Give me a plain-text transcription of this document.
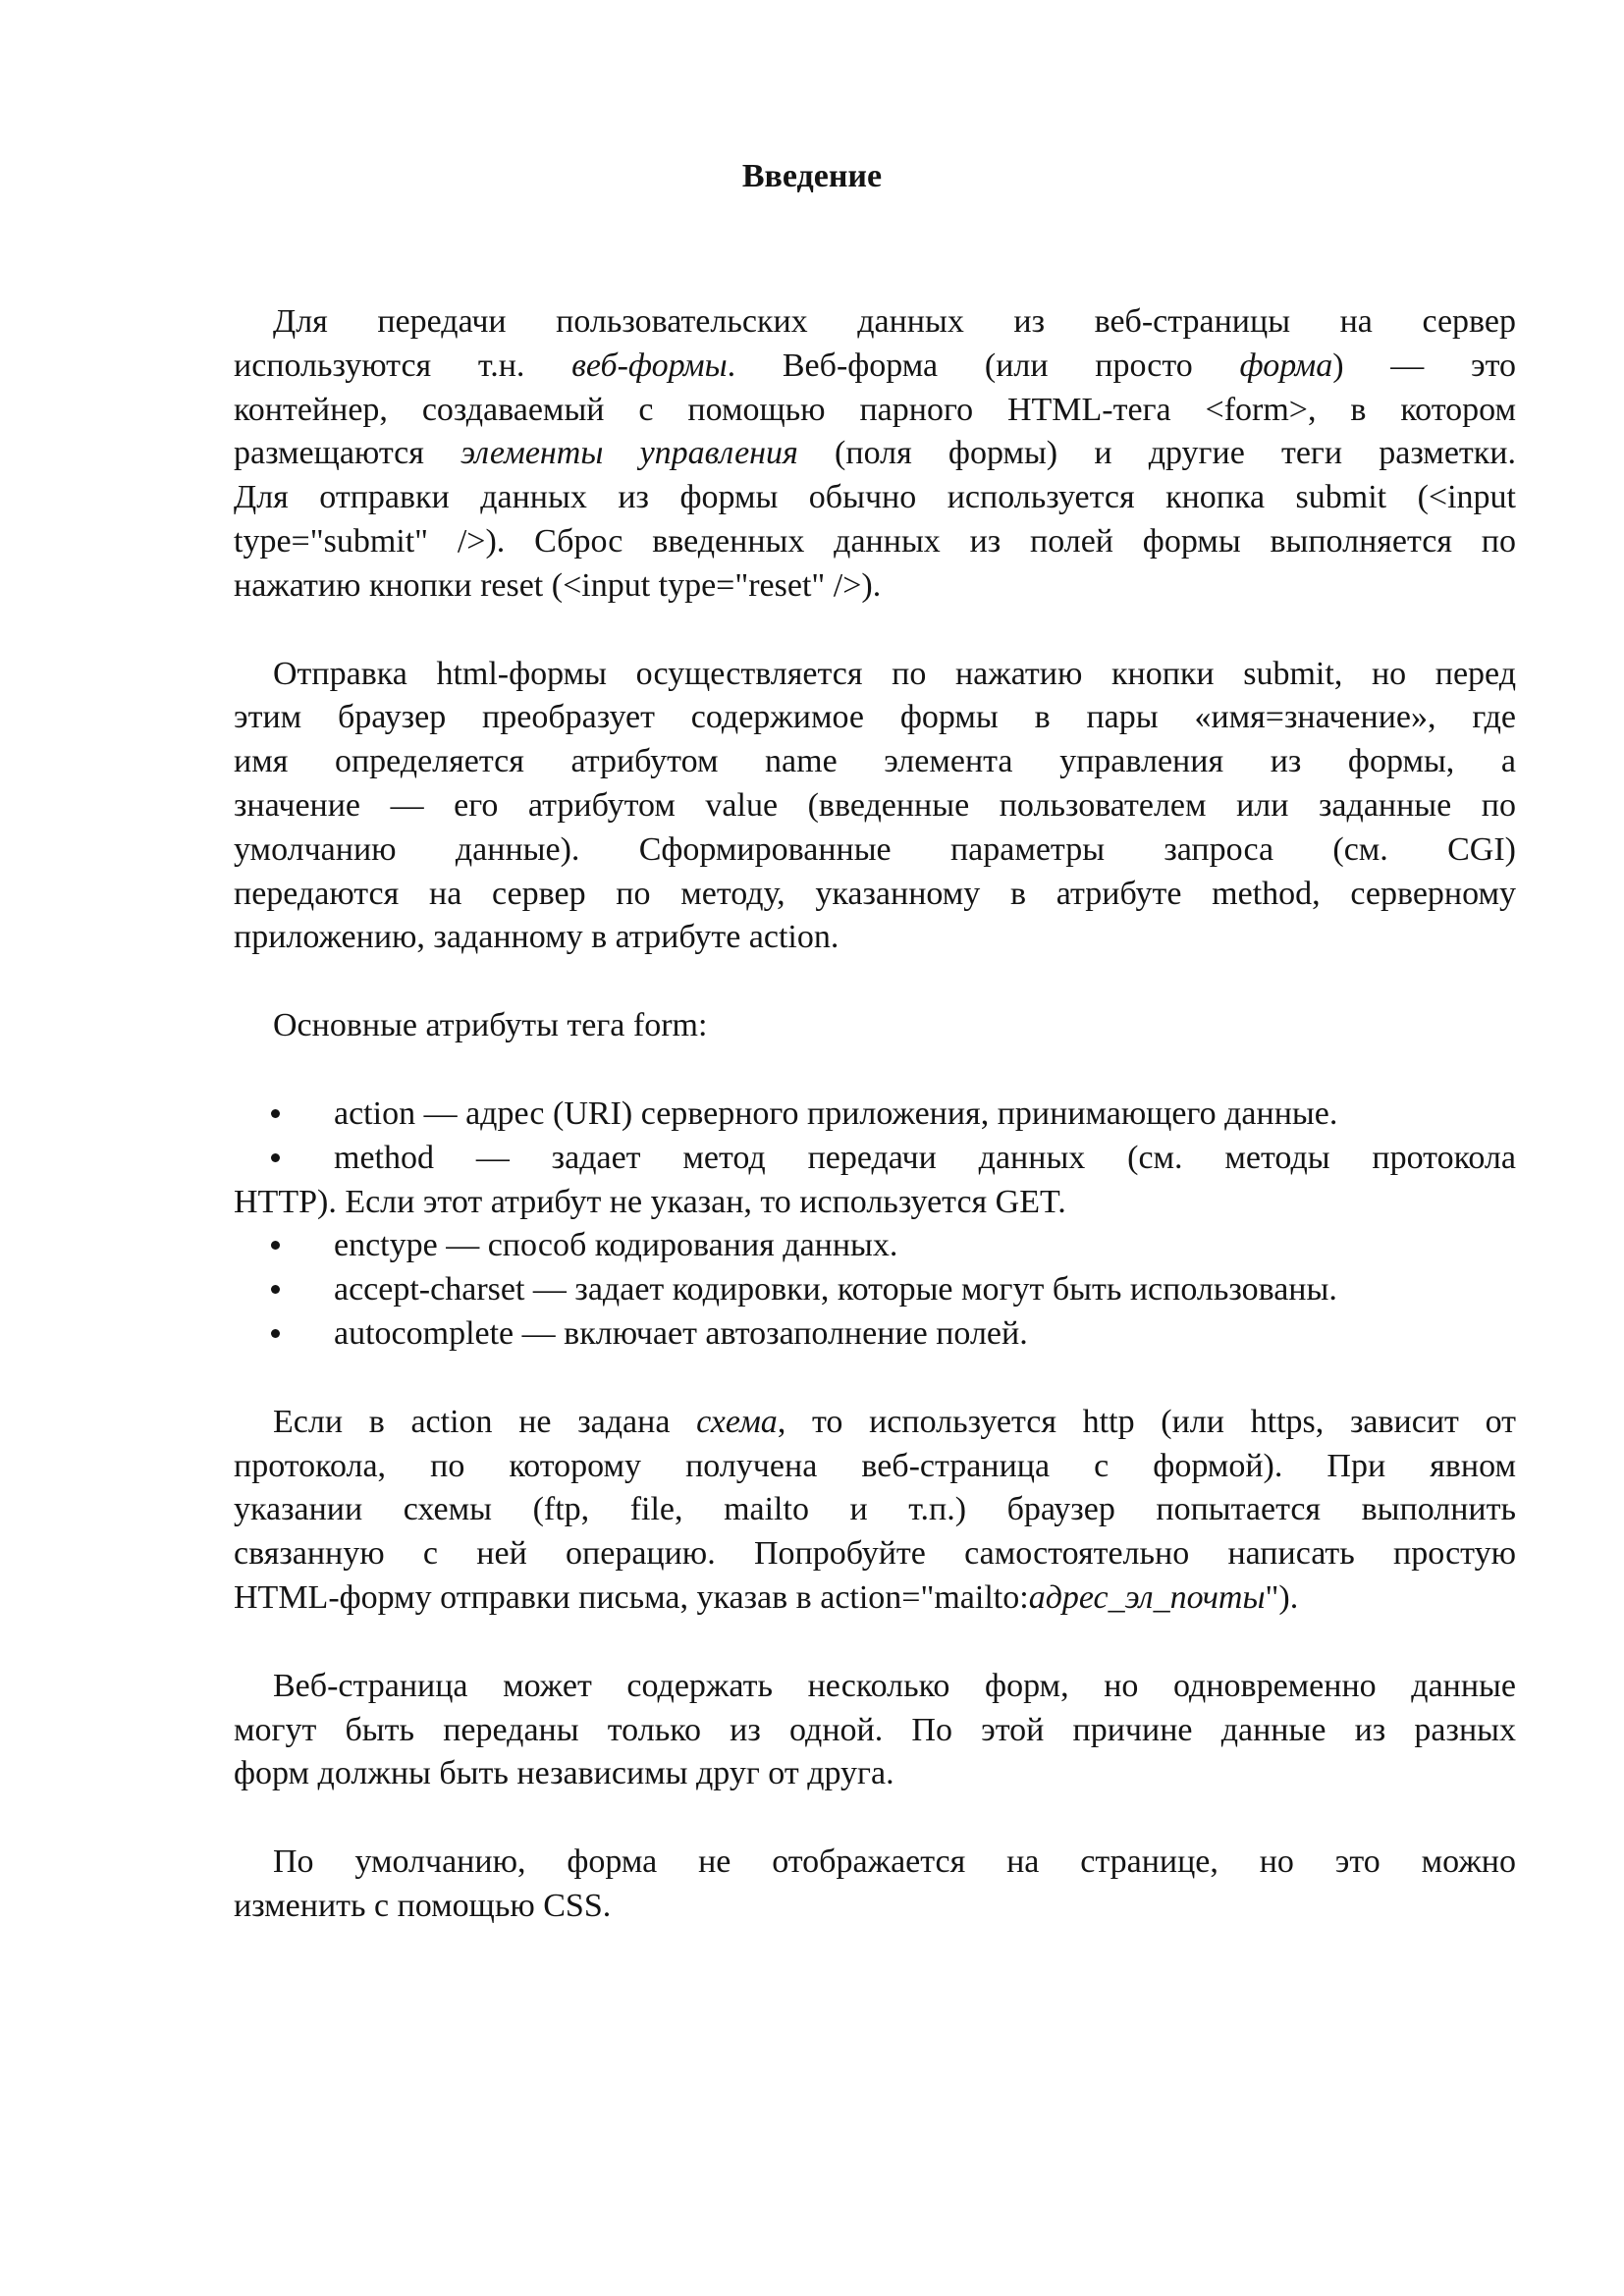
Введение

Для передачи пользовательских данных из веб-страницы на сервер
используются т.н. веб-формы. Веб-форма (или просто форма) — это
контейнер, создаваемый с помощью парного HTML-тега <form>, в котором
размещаются элементы управления (поля формы) и другие теги разметки.
Для отправки данных из формы обычно используется кнопка submit (<input
type="submit" />). Сброс введенных данных из полей формы выполняется по
нажатию кнопки reset (<input type="reset" />).

Отправка html-формы осуществляется по нажатию кнопки submit, но перед
этим браузер преобразует содержимое формы в пары «имя=значение», где
имя определяется атрибутом name элемента управления из формы, а
значение — его атрибутом value (введенные пользователем или заданные по
умолчанию данные). Сформированные параметры запроса (см. CGI)
передаются на сервер по методу, указанному в атрибуте method, серверному
приложению, заданному в атрибуте action.

Основные атрибуты тега form:

action — адрес (URI) серверного приложения, принимающего данные.
method — задает метод передачи данных (см. методы протокола
HTTP). Если этот атрибут не указан, то используется GET.
enctype — способ кодирования данных.
accept-charset — задает кодировки, которые могут быть использованы.
autocomplete — включает автозаполнение полей.

Если в action не задана схема, то используется http (или https, зависит от
протокола, по которому получена веб-страница с формой). При явном
указании схемы (ftp, file, mailto и т.п.) браузер попытается выполнить
связанную с ней операцию. Попробуйте самостоятельно написать простую
HTML-форму отправки письма, указав в action="mailto:адрес_эл_почты").

Веб-страница может содержать несколько форм, но одновременно данные
могут быть переданы только из одной. По этой причине данные из разных
форм должны быть независимы друг от друга.

По умолчанию, форма не отображается на странице, но это можно
изменить с помощью CSS.
